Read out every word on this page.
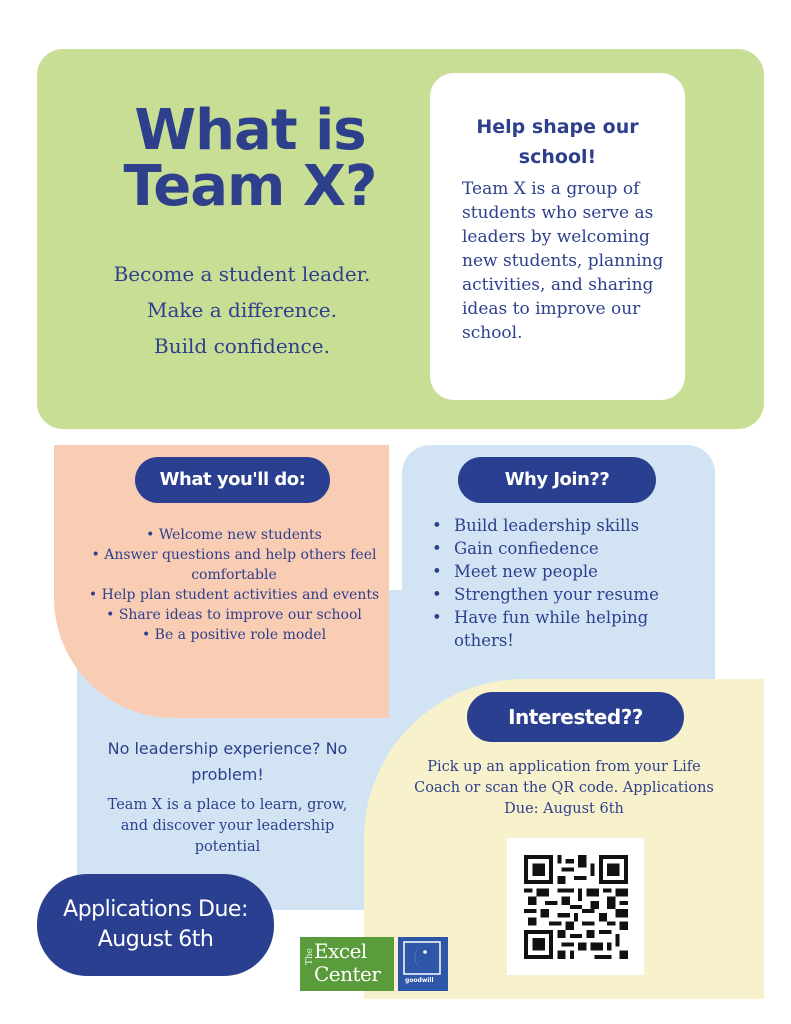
What is Team X?
Become a student leader.
Make a difference.
Build confidence.
Help shape our school!

Team X is a group of students who serve as leaders by welcoming new students, planning activities, and sharing ideas to improve our school.

What you'll do:
• Welcome new students
• Answer questions and help others feel comfortable
• Help plan student activities and events
• Share ideas to improve our school
• Be a positive role model
Why Join??
• Build leadership skills
• Gain confiedence
• Meet new people
• Strengthen your resume
• Have fun while helping others!

No leadership experience? No problem!

Team X is a place to learn, grow, and discover your leadership potential

Interested??

Pick up an application from your Life Coach or scan the QR code. Applications Due: August 6th

Applications Due:
August 6th
The Excel Center	goodwill
